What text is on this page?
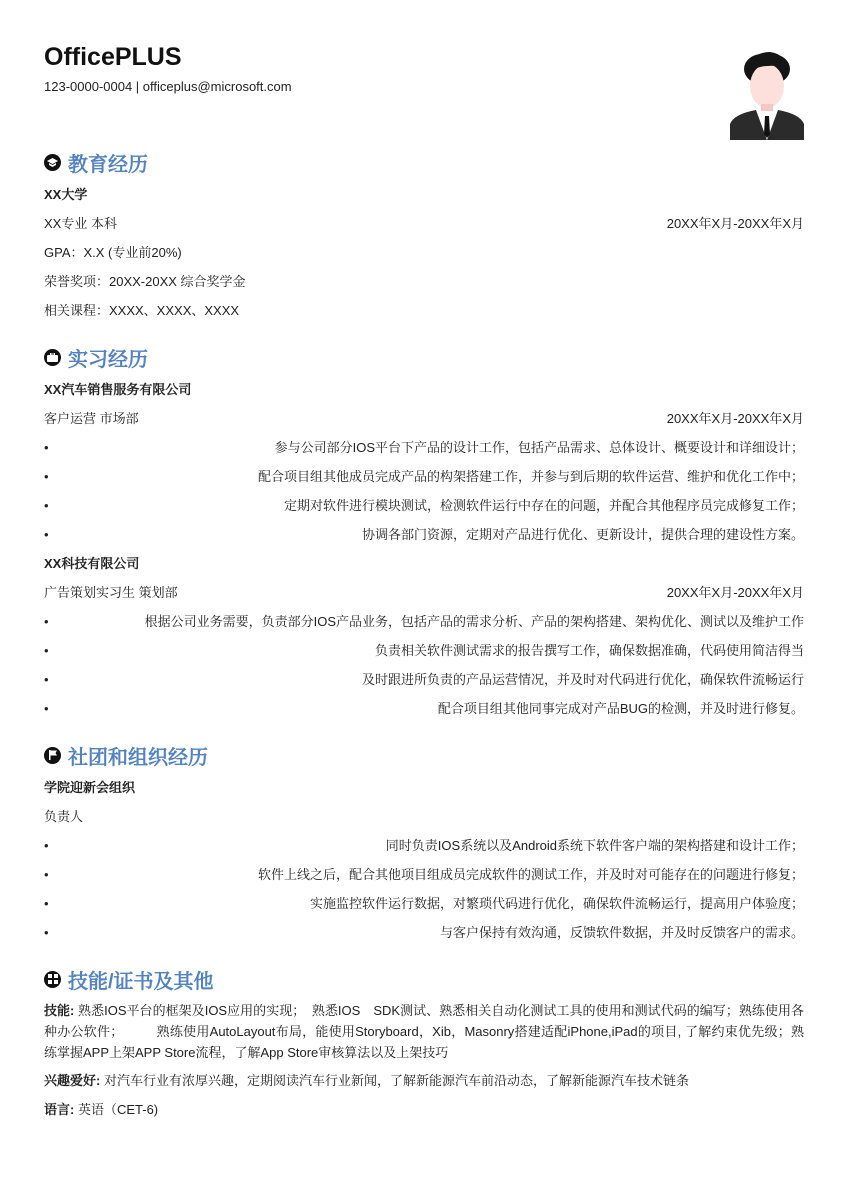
OfficePLUS
123-0000-0004 | officeplus@microsoft.com
教育经历
XX大学
XX专业 本科	20XX年X月-20XX年X月
GPA：X.X (专业前20%)
荣誉奖项：20XX-20XX 综合奖学金
相关课程：XXXX、XXXX、XXXX
实习经历
XX汽车销售服务有限公司
客户运营 市场部	20XX年X月-20XX年X月
• 参与公司部分IOS平台下产品的设计工作，包括产品需求、总体设计、概要设计和详细设计；
• 配合项目组其他成员完成产品的构架搭建工作，并参与到后期的软件运营、维护和优化工作中；
• 定期对软件进行模块测试，检测软件运行中存在的问题，并配合其他程序员完成修复工作；
• 协调各部门资源，定期对产品进行优化、更新设计，提供合理的建设性方案。
XX科技有限公司
广告策划实习生 策划部	20XX年X月-20XX年X月
• 根据公司业务需要，负责部分IOS产品业务，包括产品的需求分析、产品的架构搭建、架构优化、测试以及维护工作
• 负责相关软件测试需求的报告撰写工作，确保数据准确，代码使用简洁得当
• 及时跟进所负责的产品运营情况，并及时对代码进行优化，确保软件流畅运行
• 配合项目组其他同事完成对产品BUG的检测，并及时进行修复。
社团和组织经历
学院迎新会组织
负责人
• 同时负责IOS系统以及Android系统下软件客户端的架构搭建和设计工作；
• 软件上线之后，配合其他项目组成员完成软件的测试工作，并及时对可能存在的问题进行修复；
• 实施监控软件运行数据，对繁琐代码进行优化，确保软件流畅运行，提高用户体验度；
• 与客户保持有效沟通，反馈软件数据，并及时反馈客户的需求。
技能/证书及其他
技能: 熟悉IOS平台的框架及IOS应用的实现；　熟悉IOS　SDK测试、熟悉相关自动化测试工具的使用和测试代码的编写；熟练使用各种办公软件；　　　熟练使用AutoLayout布局，能使用Storyboard，Xib，Masonry搭建适配iPhone,iPad的项目, 了解约束优先级；熟练掌握APP上架APP Store流程，了解App Store审核算法以及上架技巧
兴趣爱好: 对汽车行业有浓厚兴趣，定期阅读汽车行业新闻，了解新能源汽车前沿动态，了解新能源汽车技术链条
语言: 英语（CET-6)
